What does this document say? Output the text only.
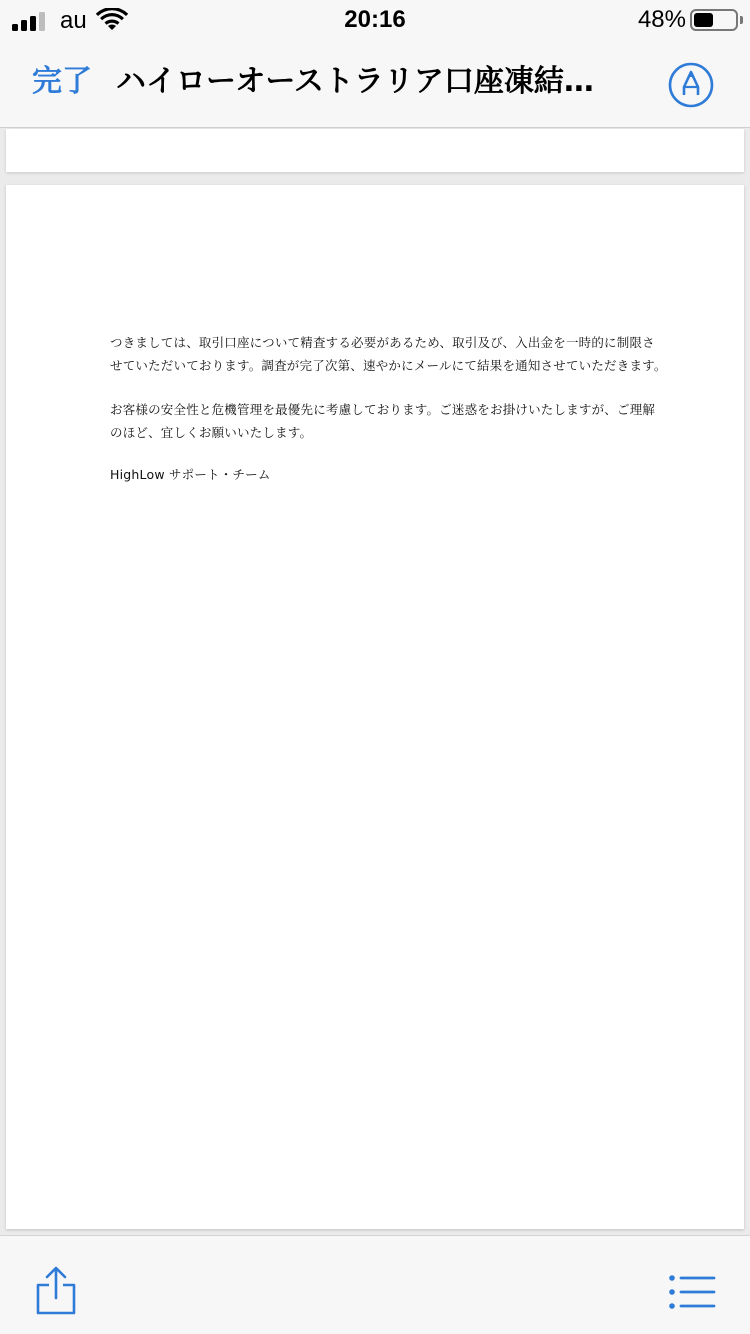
au	20:16	48%
完了 ハイローオーストラリア口座凍結…

つきましては、取引口座について精査する必要があるため、取引及び、入出金を一時的に制限さ
せていただいております。調査が完了次第、速やかにメールにて結果を通知させていただきます。

お客様の安全性と危機管理を最優先に考慮しております。ご迷惑をお掛けいたしますが、ご理解
のほど、宜しくお願いいたします。

HighLow サポート・チーム
